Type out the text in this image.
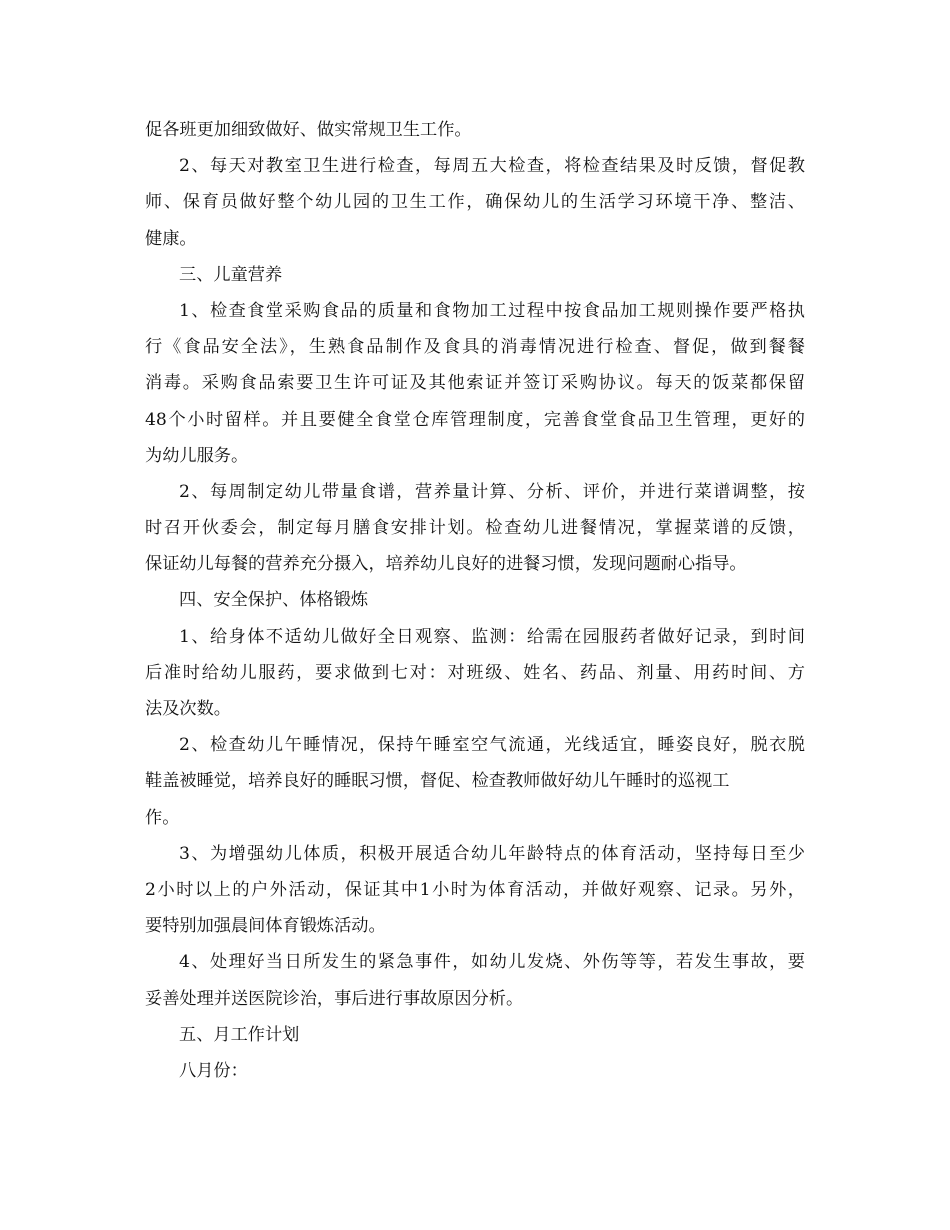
促各班更加细致做好、做实常规卫生工作。
2、每天对教室卫生进行检查，每周五大检查，将检查结果及时反馈，督促教
师、保育员做好整个幼儿园的卫生工作，确保幼儿的生活学习环境干净、整洁、
健康。
三、儿童营养
1、检查食堂采购食品的质量和食物加工过程中按食品加工规则操作要严格执
行《食品安全法》，生熟食品制作及食具的消毒情况进行检查、督促，做到餐餐
消毒。采购食品索要卫生许可证及其他索证并签订采购协议。每天的饭菜都保留
48个小时留样。并且要健全食堂仓库管理制度，完善食堂食品卫生管理，更好的
为幼儿服务。
2、每周制定幼儿带量食谱，营养量计算、分析、评价，并进行菜谱调整，按
时召开伙委会，制定每月膳食安排计划。检查幼儿进餐情况，掌握菜谱的反馈，
保证幼儿每餐的营养充分摄入，培养幼儿良好的进餐习惯，发现问题耐心指导。
四、安全保护、体格锻炼
1、给身体不适幼儿做好全日观察、监测：给需在园服药者做好记录，到时间
后准时给幼儿服药，要求做到七对：对班级、姓名、药品、剂量、用药时间、方
法及次数。
2、检查幼儿午睡情况，保持午睡室空气流通，光线适宜，睡姿良好，脱衣脱
鞋盖被睡觉，培养良好的睡眠习惯，督促、检查教师做好幼儿午睡时的巡视工
作。
3、为增强幼儿体质，积极开展适合幼儿年龄特点的体育活动，坚持每日至少
2小时以上的户外活动，保证其中1小时为体育活动，并做好观察、记录。另外，
要特别加强晨间体育锻炼活动。
4、处理好当日所发生的紧急事件，如幼儿发烧、外伤等等，若发生事故，要
妥善处理并送医院诊治，事后进行事故原因分析。
五、月工作计划
八月份：
